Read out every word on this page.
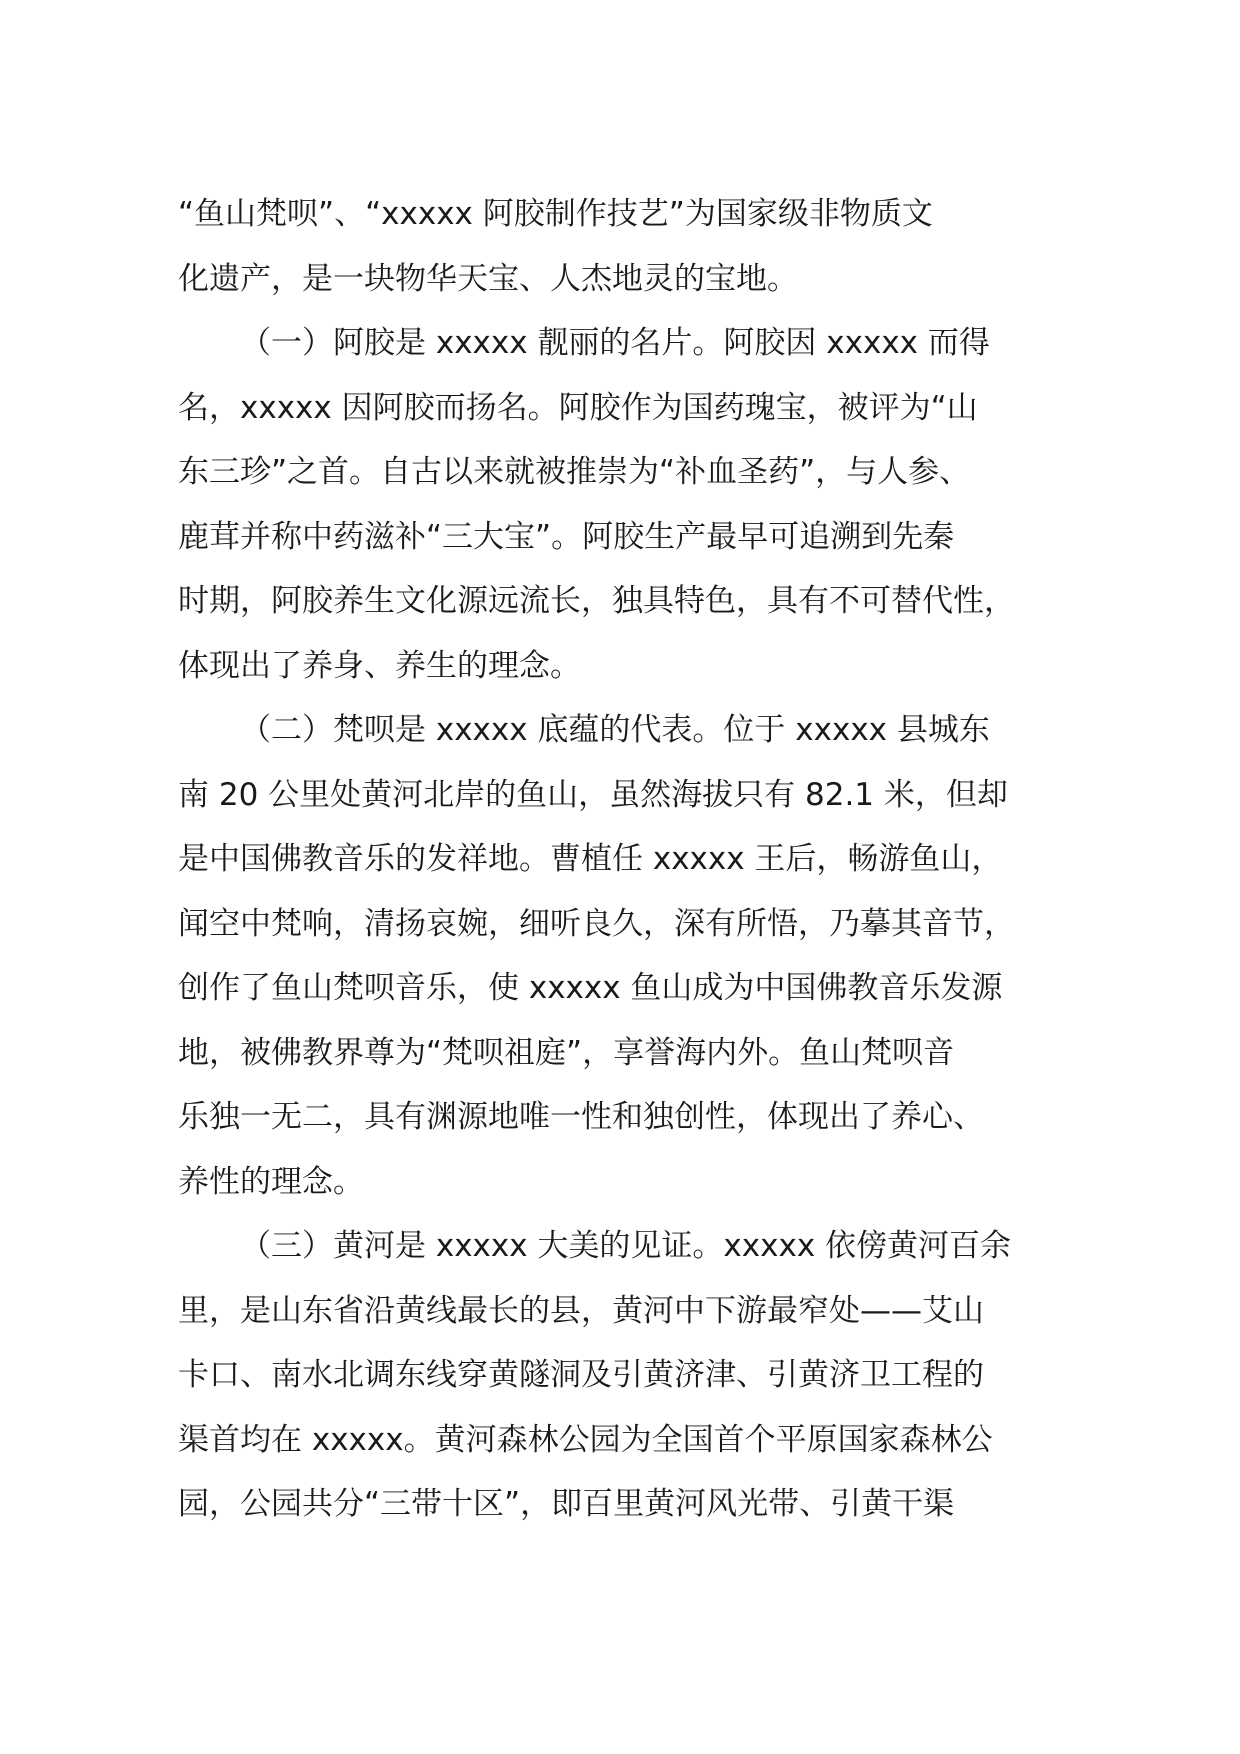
“鱼山梵呗”、“xxxxx 阿胶制作技艺”为国家级非物质文
化遗产，是一块物华天宝、人杰地灵的宝地。

（一）阿胶是 xxxxx 靓丽的名片。阿胶因 xxxxx 而得
名，xxxxx 因阿胶而扬名。阿胶作为国药瑰宝，被评为“山
东三珍”之首。自古以来就被推崇为“补血圣药”，与人参、
鹿茸并称中药滋补“三大宝”。阿胶生产最早可追溯到先秦
时期，阿胶养生文化源远流长，独具特色，具有不可替代性，
体现出了养身、养生的理念。

（二）梵呗是 xxxxx 底蕴的代表。位于 xxxxx 县城东
南 20 公里处黄河北岸的鱼山，虽然海拔只有 82.1 米，但却
是中国佛教音乐的发祥地。曹植任 xxxxx 王后，畅游鱼山，
闻空中梵响，清扬哀婉，细听良久，深有所悟，乃摹其音节，
创作了鱼山梵呗音乐，使 xxxxx 鱼山成为中国佛教音乐发源
地，被佛教界尊为“梵呗祖庭”，享誉海内外。鱼山梵呗音
乐独一无二，具有渊源地唯一性和独创性，体现出了养心、
养性的理念。

（三）黄河是 xxxxx 大美的见证。xxxxx 依傍黄河百余
里，是山东省沿黄线最长的县，黄河中下游最窄处——艾山
卡口、南水北调东线穿黄隧洞及引黄济津、引黄济卫工程的
渠首均在 xxxxx。黄河森林公园为全国首个平原国家森林公
园，公园共分“三带十区”，即百里黄河风光带、引黄干渠
